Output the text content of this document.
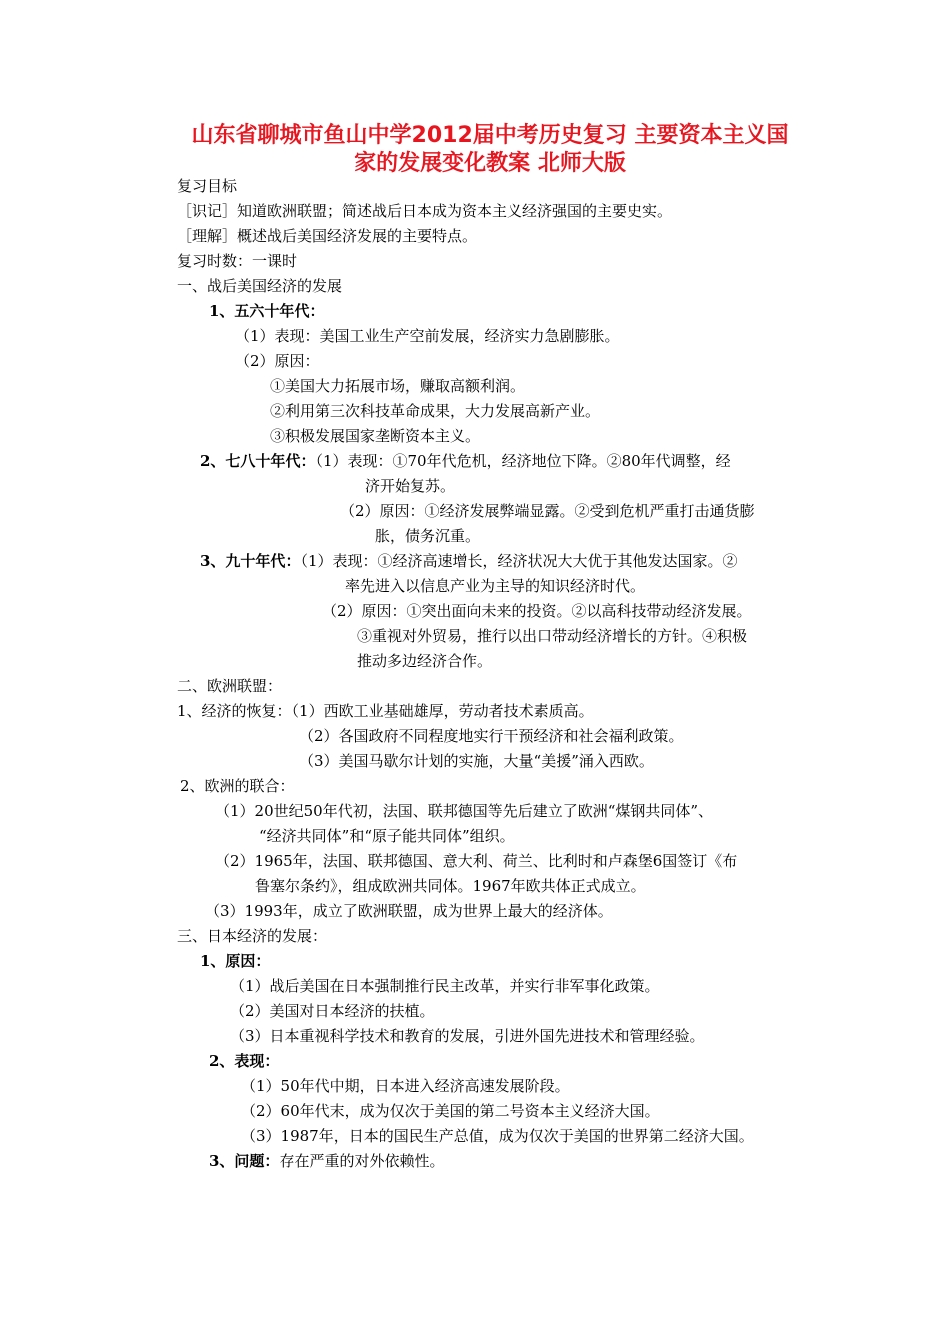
山东省聊城市鱼山中学2012届中考历史复习 主要资本主义国
家的发展变化教案 北师大版
复习目标
［识记］知道欧洲联盟；简述战后日本成为资本主义经济强国的主要史实。
［理解］概述战后美国经济发展的主要特点。
复习时数：一课时
一、战后美国经济的发展
1、五六十年代：
（1）表现：美国工业生产空前发展，经济实力急剧膨胀。
（2）原因：
①美国大力拓展市场，赚取高额利润。
②利用第三次科技革命成果，大力发展高新产业。
③积极发展国家垄断资本主义。
2、七八十年代：（1）表现：①70年代危机，经济地位下降。②80年代调整，经
济开始复苏。
（2）原因：①经济发展弊端显露。②受到危机严重打击通货膨
胀，债务沉重。
3、九十年代：（1）表现：①经济高速增长，经济状况大大优于其他发达国家。②
率先进入以信息产业为主导的知识经济时代。
（2）原因：①突出面向未来的投资。②以高科技带动经济发展。
③重视对外贸易，推行以出口带动经济增长的方针。④积极
推动多边经济合作。
二、欧洲联盟：
1、经济的恢复：（1）西欧工业基础雄厚，劳动者技术素质高。
（2）各国政府不同程度地实行干预经济和社会福利政策。
（3）美国马歇尔计划的实施，大量“美援”涌入西欧。
2、欧洲的联合：
（1）20世纪50年代初，法国、联邦德国等先后建立了欧洲“煤钢共同体”、
“经济共同体”和“原子能共同体”组织。
（2）1965年，法国、联邦德国、意大利、荷兰、比利时和卢森堡6国签订《布
鲁塞尔条约》，组成欧洲共同体。1967年欧共体正式成立。
（3）1993年，成立了欧洲联盟，成为世界上最大的经济体。
三、日本经济的发展：
1、原因：
（1）战后美国在日本强制推行民主改革，并实行非军事化政策。
（2）美国对日本经济的扶植。
（3）日本重视科学技术和教育的发展，引进外国先进技术和管理经验。
2、表现：
（1）50年代中期，日本进入经济高速发展阶段。
（2）60年代末，成为仅次于美国的第二号资本主义经济大国。
（3）1987年，日本的国民生产总值，成为仅次于美国的世界第二经济大国。
3、问题：存在严重的对外依赖性。
